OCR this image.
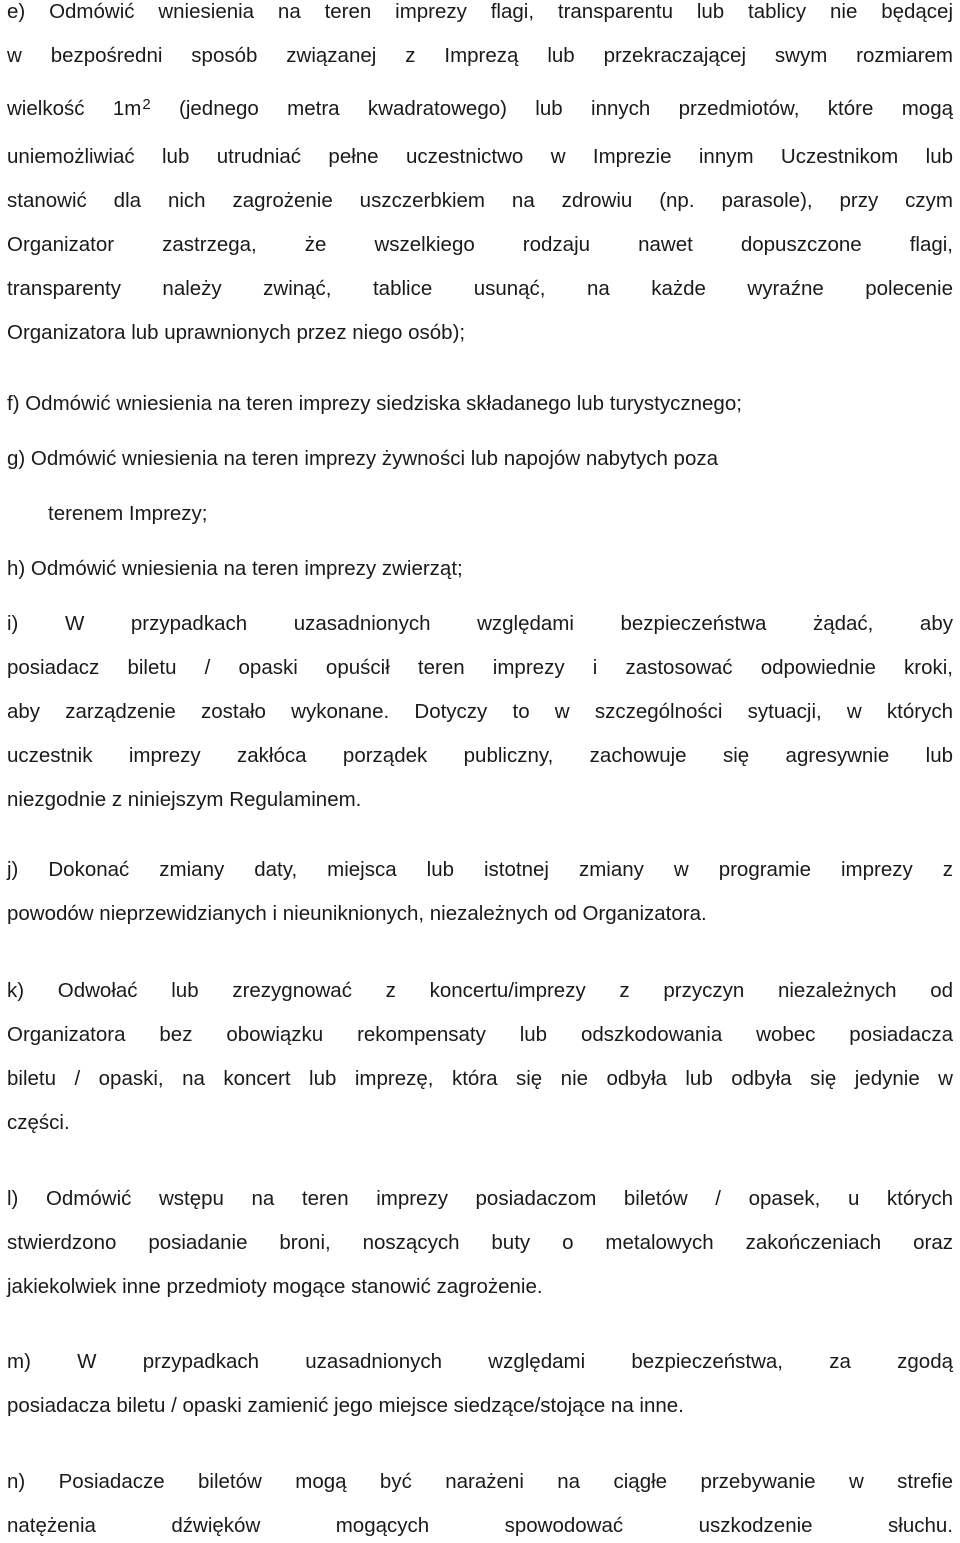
e) Odmówić wniesienia na teren imprezy flagi, transparentu lub tablicy nie będącej
w bezpośredni sposób związanej z Imprezą lub przekraczającej swym rozmiarem
wielkość $1m^2$ (jednego metra kwadratowego) lub innych przedmiotów, które mogą
uniemożliwiać lub utrudniać pełne uczestnictwo w Imprezie innym Uczestnikom lub
stanowić dla nich zagrożenie uszczerbkiem na zdrowiu (np. parasole), przy czym
Organizator zastrzega, że wszelkiego rodzaju nawet dopuszczone flagi,
transparenty należy zwinąć, tablice usunąć, na każde wyraźne polecenie
Organizatora lub uprawnionych przez niego osób);
f) Odmówić wniesienia na teren imprezy siedziska składanego lub turystycznego;
g) Odmówić wniesienia na teren imprezy żywności lub napojów nabytych poza
terenem Imprezy;
h) Odmówić wniesienia na teren imprezy zwierząt;
i) W przypadkach uzasadnionych względami bezpieczeństwa żądać, aby
posiadacz biletu / opaski opuścił teren imprezy i zastosować odpowiednie kroki,
aby zarządzenie zostało wykonane. Dotyczy to w szczególności sytuacji, w których
uczestnik imprezy zakłóca porządek publiczny, zachowuje się agresywnie lub
niezgodnie z niniejszym Regulaminem.
j) Dokonać zmiany daty, miejsca lub istotnej zmiany w programie imprezy z
powodów nieprzewidzianych i nieuniknionych, niezależnych od Organizatora.
k) Odwołać lub zrezygnować z koncertu/imprezy z przyczyn niezależnych od
Organizatora bez obowiązku rekompensaty lub odszkodowania wobec posiadacza
biletu / opaski, na koncert lub imprezę, która się nie odbyła lub odbyła się jedynie w
części.
l) Odmówić wstępu na teren imprezy posiadaczom biletów / opasek, u których
stwierdzono posiadanie broni, noszących buty o metalowych zakończeniach oraz
jakiekolwiek inne przedmioty mogące stanowić zagrożenie.
m) W przypadkach uzasadnionych względami bezpieczeństwa, za zgodą
posiadacza biletu / opaski zamienić jego miejsce siedzące/stojące na inne.
n) Posiadacze biletów mogą być narażeni na ciągłe przebywanie w strefie
natężenia dźwięków mogących spowodować uszkodzenie słuchu.
